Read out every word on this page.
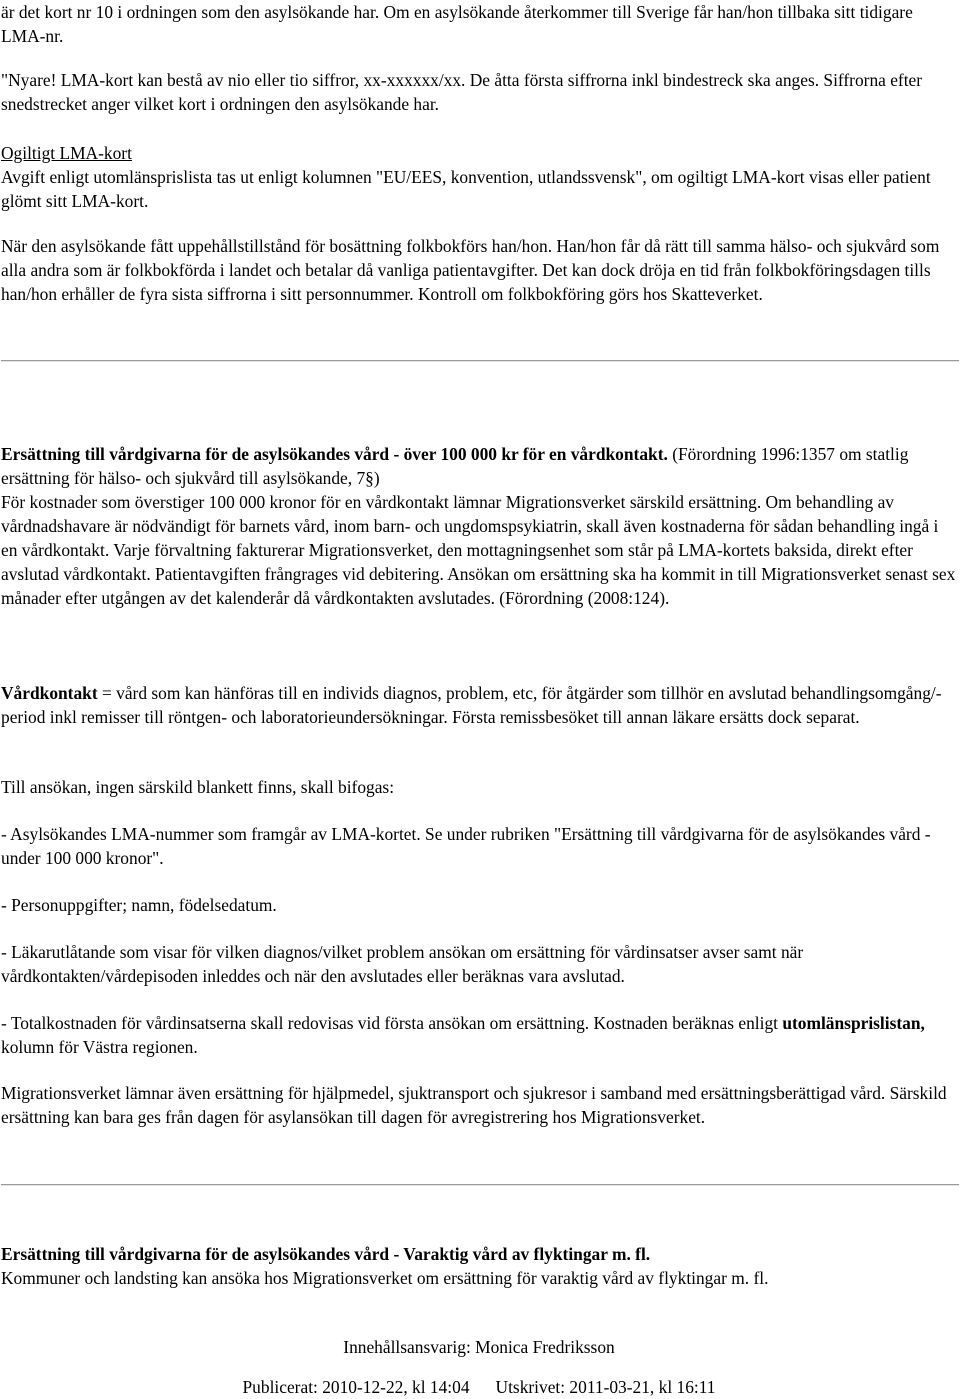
är det kort nr 10 i ordningen som den asylsökande har. Om en asylsökande återkommer till Sverige får han/hon tillbaka sitt tidigare LMA-nr.

"Nyare! LMA-kort kan bestå av nio eller tio siffror, xx-xxxxxx/xx. De åtta första siffrorna inkl bindestreck ska anges. Siffrorna efter snedstrecket anger vilket kort i ordningen den asylsökande har.

Ogiltigt LMA-kort

Avgift enligt utomlänsprislista tas ut enligt kolumnen "EU/EES, konvention, utlandssvensk", om ogiltigt LMA-kort visas eller patient glömt sitt LMA-kort.

När den asylsökande fått uppehållstillstånd för bosättning folkbokförs han/hon. Han/hon får då rätt till samma hälso- och sjukvård som alla andra som är folkbokförda i landet och betalar då vanliga patientavgifter. Det kan dock dröja en tid från folkbokföringsdagen tills han/hon erhåller de fyra sista siffrorna i sitt personnummer. Kontroll om folkbokföring görs hos Skatteverket.

Ersättning till vårdgivarna för de asylsökandes vård - över 100 000 kr för en vårdkontakt. (Förordning 1996:1357 om statlig ersättning för hälso- och sjukvård till asylsökande, 7§)

För kostnader som överstiger 100 000 kronor för en vårdkontakt lämnar Migrationsverket särskild ersättning. Om behandling av vårdnadshavare är nödvändigt för barnets vård, inom barn- och ungdomspsykiatrin, skall även kostnaderna för sådan behandling ingå i en vårdkontakt. Varje förvaltning fakturerar Migrationsverket, den mottagningsenhet som står på LMA-kortets baksida, direkt efter avslutad vårdkontakt. Patientavgiften frångrages vid debitering. Ansökan om ersättning ska ha kommit in till Migrationsverket senast sex månader efter utgången av det kalenderår då vårdkontakten avslutades. (Förordning (2008:124).

Vårdkontakt = vård som kan hänföras till en individs diagnos, problem, etc, för åtgärder som tillhör en avslutad behandlingsomgång/-period inkl remisser till röntgen- och laboratorieundersökningar. Första remissbesöket till annan läkare ersätts dock separat.

Till ansökan, ingen särskild blankett finns, skall bifogas:

- Asylsökandes LMA-nummer som framgår av LMA-kortet. Se under rubriken "Ersättning till vårdgivarna för de asylsökandes vård - under 100 000 kronor".

- Personuppgifter; namn, födelsedatum.

- Läkarutlåtande som visar för vilken diagnos/vilket problem ansökan om ersättning för vårdinsatser avser samt när vårdkontakten/vårdepisoden inleddes och när den avslutades eller beräknas vara avslutad.

- Totalkostnaden för vårdinsatserna skall redovisas vid första ansökan om ersättning. Kostnaden beräknas enligt utomlänsprislistan, kolumn för Västra regionen.

Migrationsverket lämnar även ersättning för hjälpmedel, sjuktransport och sjukresor i samband med ersättningsberättigad vård. Särskild ersättning kan bara ges från dagen för asylansökan till dagen för avregistrering hos Migrationsverket.

Ersättning till vårdgivarna för de asylsökandes vård - Varaktig vård av flyktingar m. fl.

Kommuner och landsting kan ansöka hos Migrationsverket om ersättning för varaktig vård av flyktingar m. fl.

Innehållsansvarig: Monica Fredriksson

Publicerat: 2010-12-22, kl 14:04 Utskrivet: 2011-03-21, kl 16:11
